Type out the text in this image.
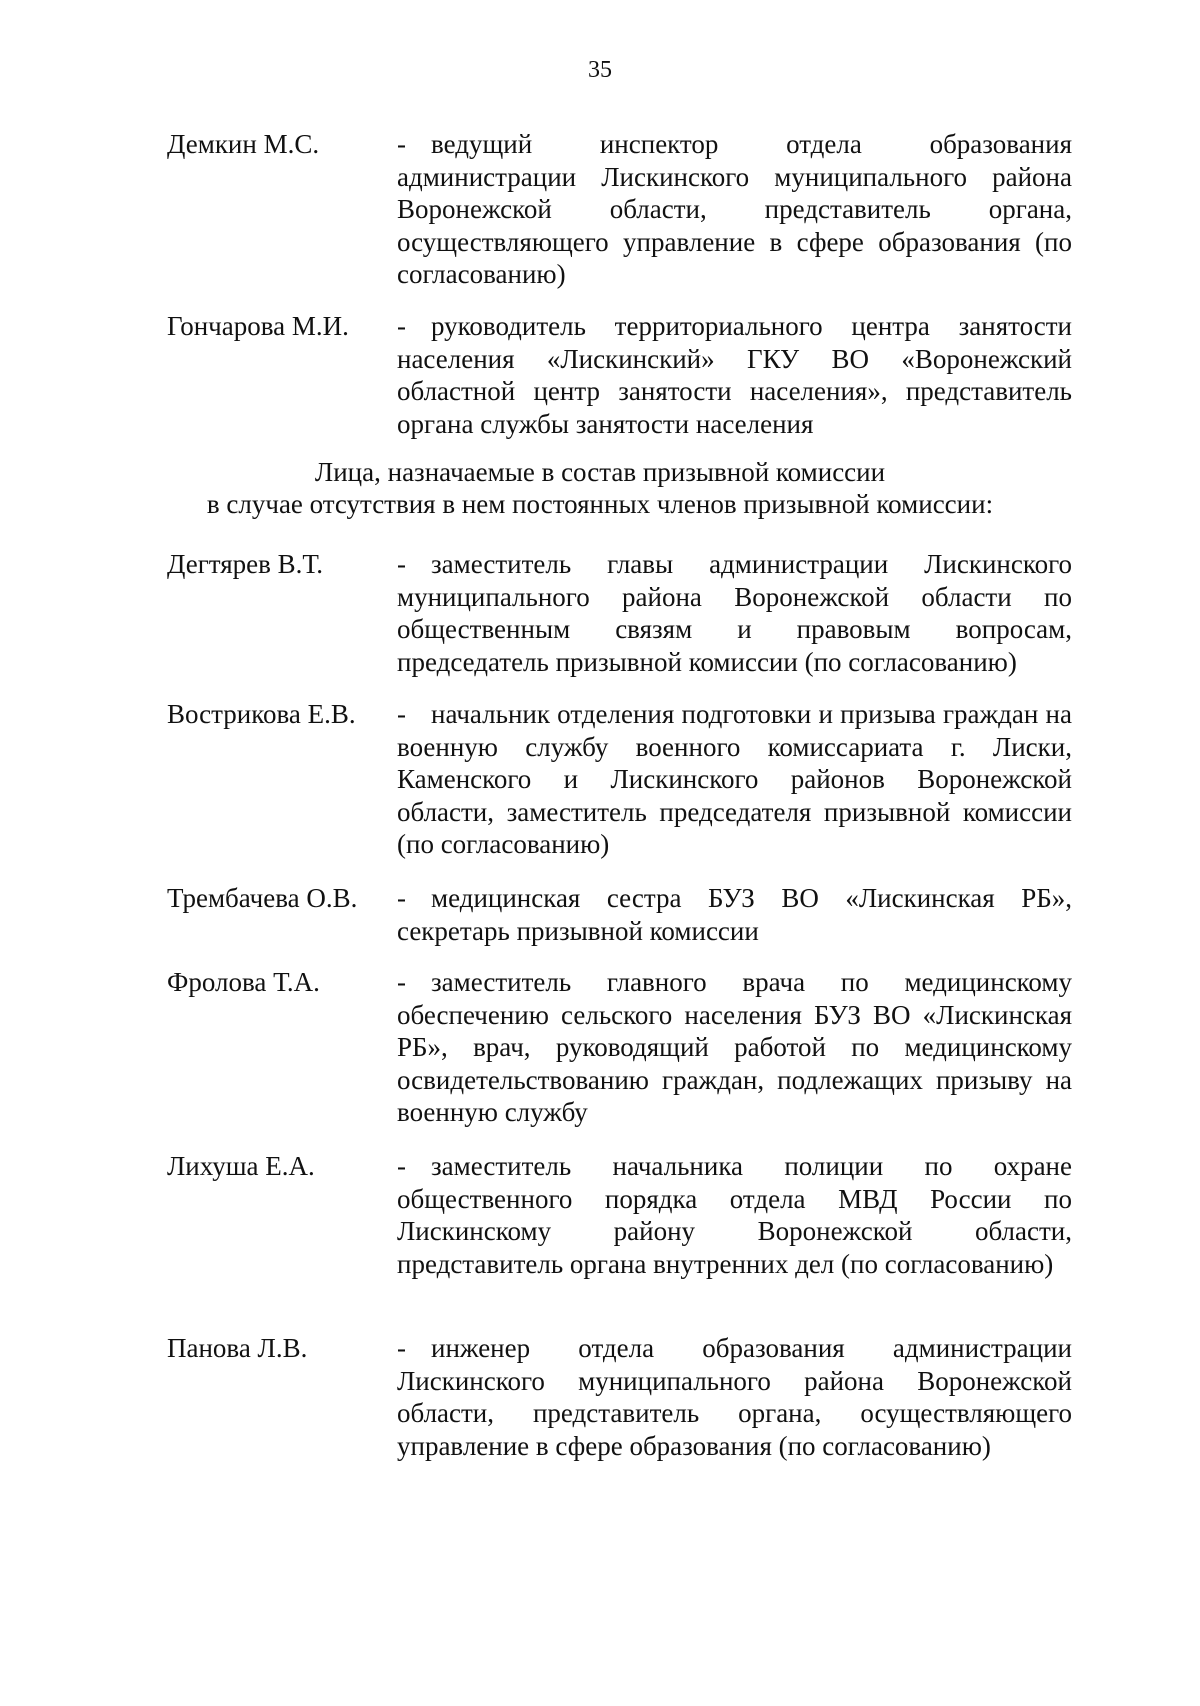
35
Демкин М.С.	- ведущий инспектор отдела образования администрации Лискинского муниципального района Воронежской области, представитель органа, осуществляющего управление в сфере образования (по согласованию)
Гончарова М.И.	- руководитель территориального центра занятости населения «Лискинский» ГКУ ВО «Воронежский областной центр занятости населения», представитель органа службы занятости населения
Лица, назначаемые в состав призывной комиссии
в случае отсутствия в нем постоянных членов призывной комиссии:
Дегтярев В.Т.	- заместитель главы администрации Лискинского муниципального района Воронежской области по общественным связям и правовым вопросам, председатель призывной комиссии (по согласованию)
Вострикова Е.В.	- начальник отделения подготовки и призыва граждан на военную службу военного комиссариата г. Лиски, Каменского и Лискинского районов Воронежской области, заместитель председателя призывной комиссии (по согласованию)
Трембачева О.В.	- медицинская сестра БУЗ ВО «Лискинская РБ», секретарь призывной комиссии
Фролова Т.А.	- заместитель главного врача по медицинскому обеспечению сельского населения БУЗ ВО «Лискинская РБ», врач, руководящий работой по медицинскому освидетельствованию граждан, подлежащих призыву на военную службу
Лихуша Е.А.	- заместитель начальника полиции по охране общественного порядка отдела МВД России по Лискинскому району Воронежской области, представитель органа внутренних дел (по согласованию)
Панова Л.В.	- инженер отдела образования администрации Лискинского муниципального района Воронежской области, представитель органа, осуществляющего управление в сфере образования (по согласованию)
